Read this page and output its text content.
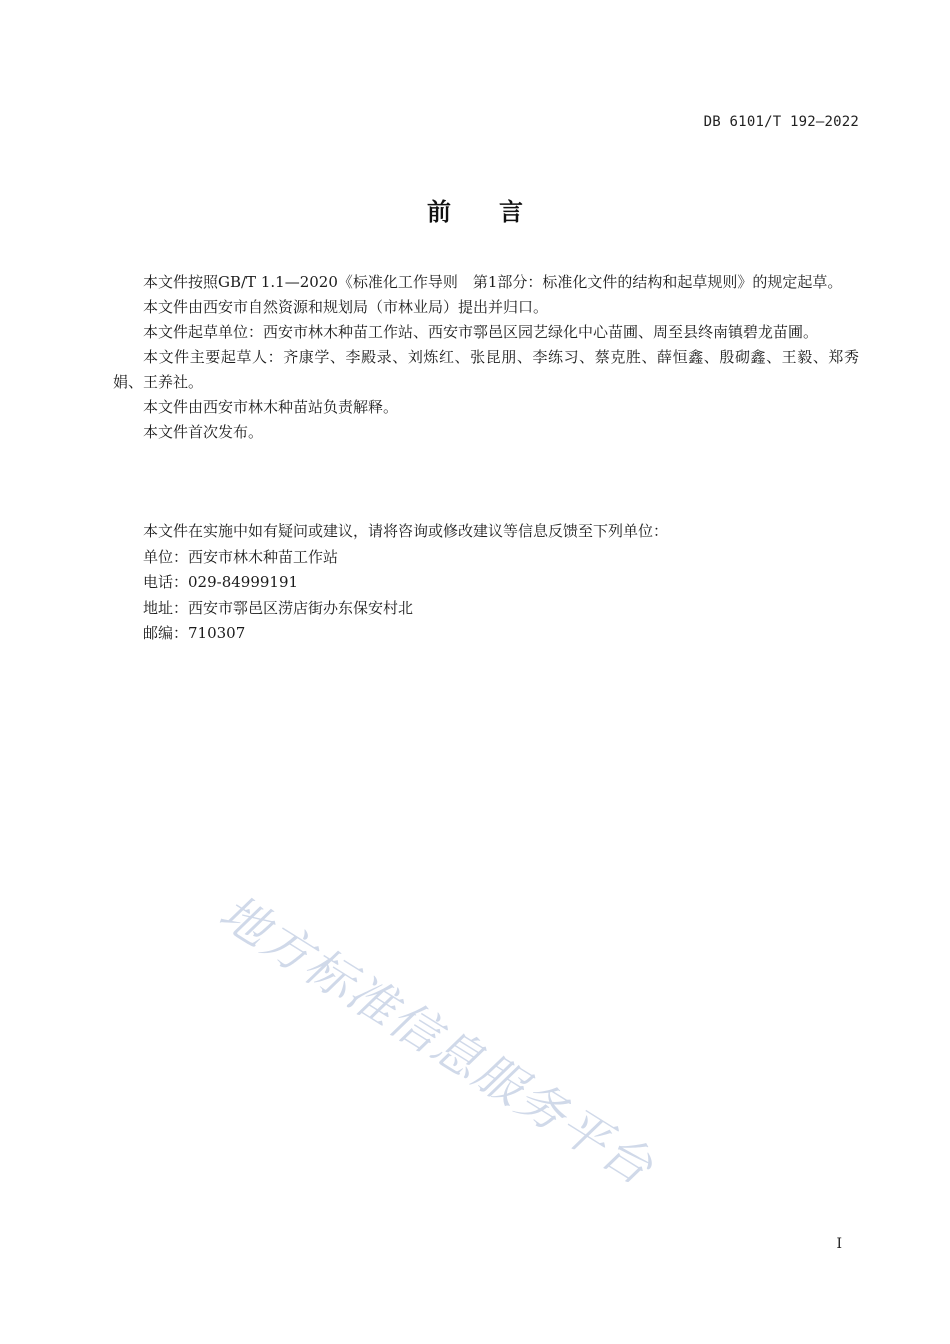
DB 6101/T 192—2022
前言

本文件按照GB/T 1.1—2020《标准化工作导则　第1部分：标准化文件的结构和起草规则》的规定起草。

本文件由西安市自然资源和规划局（市林业局）提出并归口。

本文件起草单位：西安市林木种苗工作站、西安市鄠邑区园艺绿化中心苗圃、周至县终南镇碧龙苗圃。

本文件主要起草人：齐康学、李殿录、刘炼红、张昆朋、李练习、蔡克胜、薛恒鑫、殷砌鑫、王毅、郑秀娟、王养社。

本文件由西安市林木种苗站负责解释。

本文件首次发布。

本文件在实施中如有疑问或建议，请将咨询或修改建议等信息反馈至下列单位：

单位：西安市林木种苗工作站

电话：029-84999191

地址：西安市鄠邑区涝店街办东保安村北

邮编：710307

地方标准信息服务平台
I
